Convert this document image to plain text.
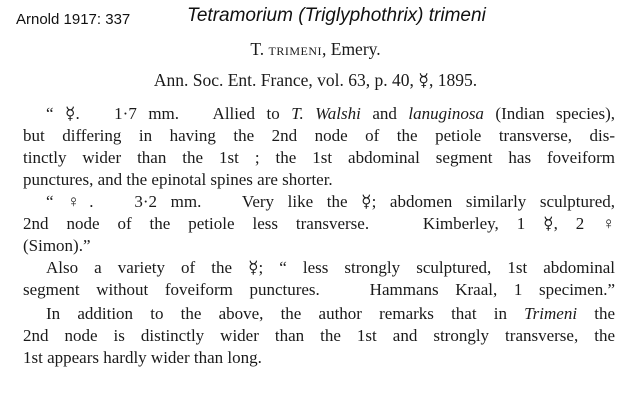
Arnold 1917: 337	Tetramorium (Triglyphothrix) trimeni
T. trimeni, Emery.
Ann. Soc. Ent. France, vol. 63, p. 40, ☿, 1895.
“ ☿.   1·7 mm.   Allied to T. Walshi and lanuginosa (Indian species),
but differing in having the 2nd node of the petiole transverse, dis-
tinctly wider than the 1st ; the 1st abdominal segment has foveiform
punctures, and the epinotal spines are shorter.
“ ♀.   3·2 mm.   Very like the ☿; abdomen similarly sculptured,
2nd node of the petiole less transverse.   Kimberley, 1 ☿, 2 ♀
(Simon).”
Also a variety of the ☿; “ less strongly sculptured, 1st abdominal
segment without foveiform punctures.   Hammans Kraal, 1 specimen.”
In addition to the above, the author remarks that in Trimeni the
2nd node is distinctly wider than the 1st and strongly transverse, the
1st appears hardly wider than long.
